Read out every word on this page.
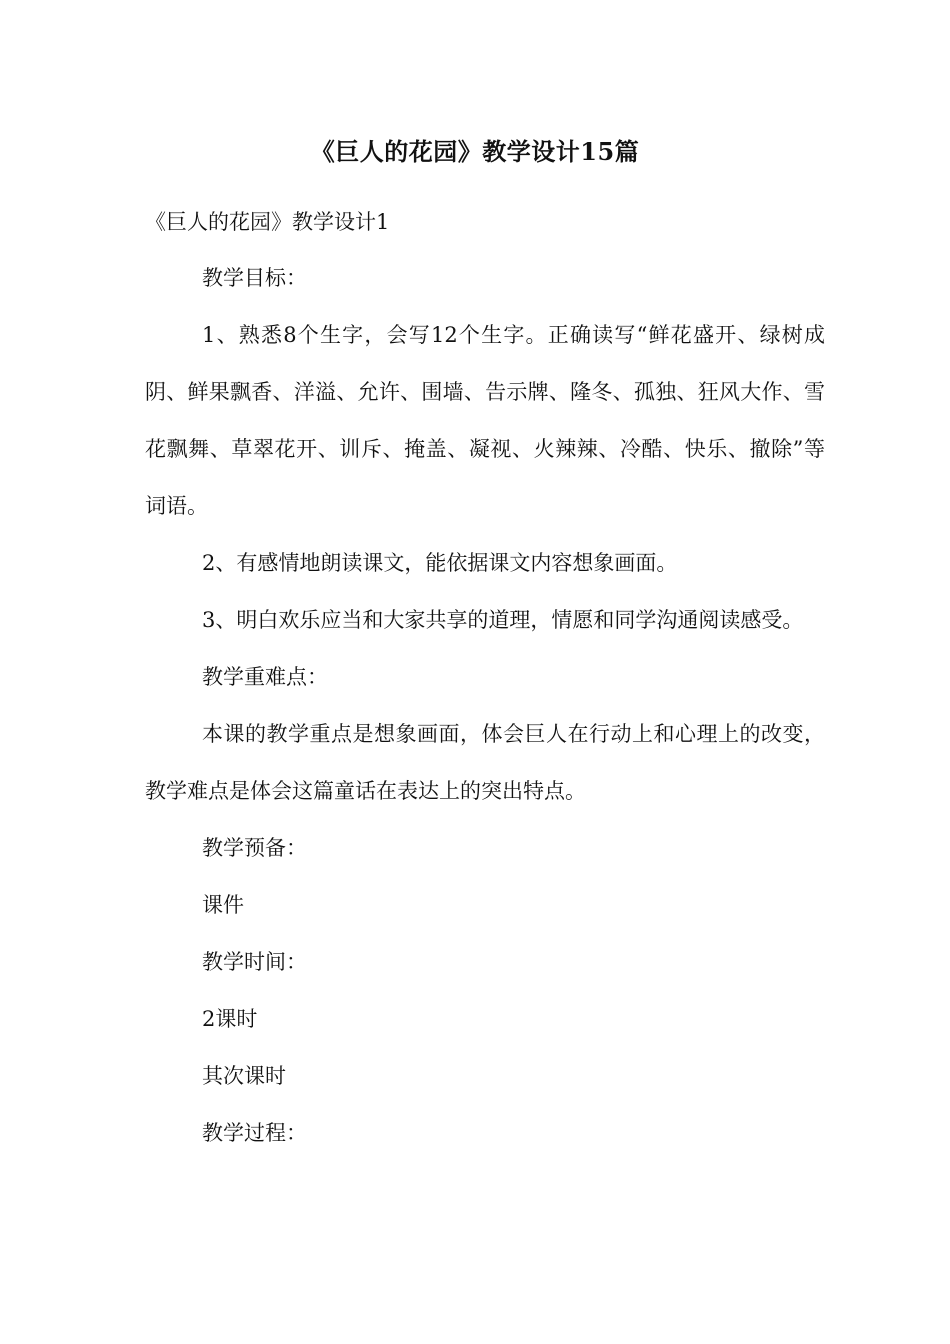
《巨人的花园》教学设计15篇
《巨人的花园》教学设计1

教学目标：

1、熟悉8个生字，会写12个生字。正确读写“鲜花盛开、绿树成阴、鲜果飘香、洋溢、允许、围墙、告示牌、隆冬、孤独、狂风大作、雪花飘舞、草翠花开、训斥、掩盖、凝视、火辣辣、冷酷、快乐、撤除”等词语。

2、有感情地朗读课文，能依据课文内容想象画面。

3、明白欢乐应当和大家共享的道理，情愿和同学沟通阅读感受。

教学重难点：

本课的教学重点是想象画面，体会巨人在行动上和心理上的改变，教学难点是体会这篇童话在表达上的突出特点。

教学预备：

课件

教学时间：

2课时

其次课时

教学过程：
